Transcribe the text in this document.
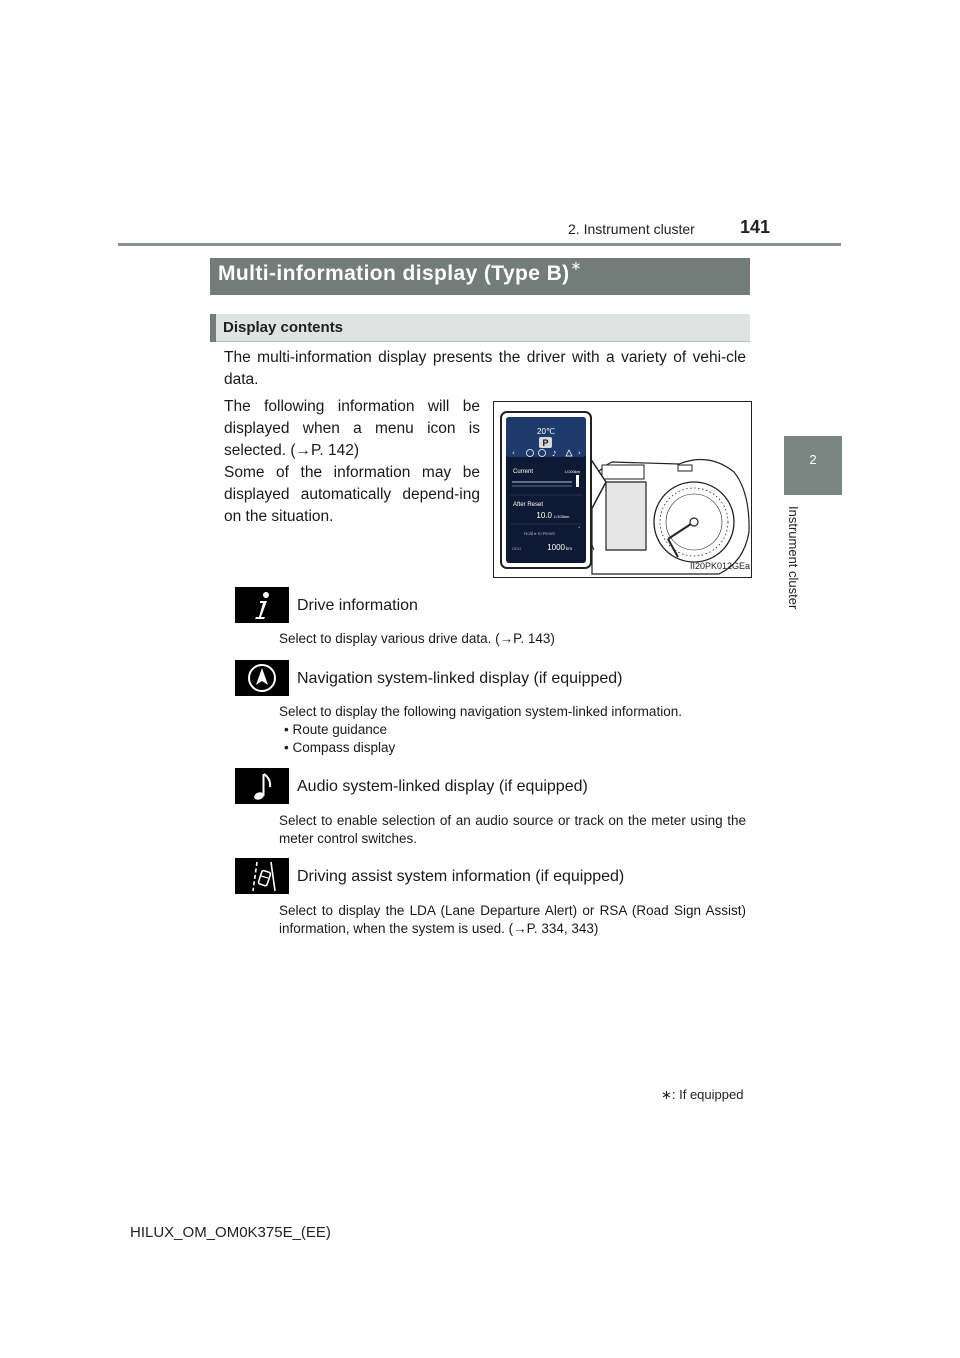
2. Instrument cluster	141
2
Instrument cluster
Multi-information display (Type B)∗
Display contents
The multi-information display presents the driver with a variety of vehi-cle data.
The following information will be displayed when a menu icon is selected. (→P. 142)
Some of the information may be displayed automatically depend-ing on the situation.
20℃
P
‹	›
♪
Current	L/100km
After Reset
10.0 L/100km
Hold ▸ to Reset
˅
ODO	1000 km
II20PK012GEa
Drive information
Select to display various drive data. (→P. 143)
Navigation system-linked display (if equipped)
Select to display the following navigation system-linked information.
• Route guidance
• Compass display
Audio system-linked display (if equipped)
Select to enable selection of an audio source or track on the meter using the meter control switches.
Driving assist system information (if equipped)
Select to display the LDA (Lane Departure Alert) or RSA (Road Sign Assist) information, when the system is used. (→P. 334, 343)
∗: If equipped
HILUX_OM_OM0K375E_(EE)
